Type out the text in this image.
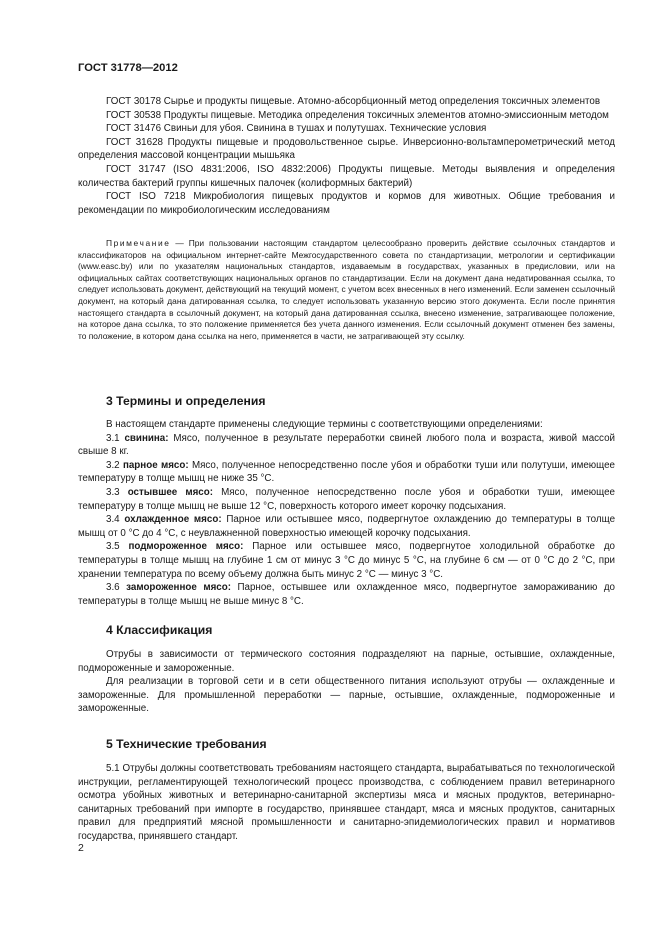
ГОСТ 31778—2012

ГОСТ 30178 Сырье и продукты пищевые. Атомно-абсорбционный метод определения токсичных элементов

ГОСТ 30538 Продукты пищевые. Методика определения токсичных элементов атомно-эмиссионным методом

ГОСТ 31476 Свиньи для убоя. Свинина в тушах и полутушах. Технические условия

ГОСТ 31628 Продукты пищевые и продовольственное сырье. Инверсионно-вольтамперометрический метод определения массовой концентрации мышьяка

ГОСТ 31747 (ISO 4831:2006, ISO 4832:2006) Продукты пищевые. Методы выявления и определения количества бактерий группы кишечных палочек (колиформных бактерий)

ГОСТ ISO 7218 Микробиология пищевых продуктов и кормов для животных. Общие требования и рекомендации по микробиологическим исследованиям

Примечание — При пользовании настоящим стандартом целесообразно проверить действие ссылочных стандартов и классификаторов на официальном интернет-сайте Межгосударственного совета по стандартизации, метрологии и сертификации (www.easc.by) или по указателям национальных стандартов, издаваемым в государствах, указанных в предисловии, или на официальных сайтах соответствующих национальных органов по стандартизации. Если на документ дана недатированная ссылка, то следует использовать документ, действующий на текущий момент, с учетом всех внесенных в него изменений. Если заменен ссылочный документ, на который дана датированная ссылка, то следует использовать указанную версию этого документа. Если после принятия настоящего стандарта в ссылочный документ, на который дана датированная ссылка, внесено изменение, затрагивающее положение, на которое дана ссылка, то это положение применяется без учета данного изменения. Если ссылочный документ отменен без замены, то положение, в котором дана ссылка на него, применяется в части, не затрагивающей эту ссылку.

3 Термины и определения

В настоящем стандарте применены следующие термины с соответствующими определениями:

3.1 свинина: Мясо, полученное в результате переработки свиней любого пола и возраста, живой массой свыше 8 кг.

3.2 парное мясо: Мясо, полученное непосредственно после убоя и обработки туши или полутуши, имеющее температуру в толще мышц не ниже 35 °С.

3.3 остывшее мясо: Мясо, полученное непосредственно после убоя и обработки туши, имеющее температуру в толще мышц не выше 12 °С, поверхность которого имеет корочку подсыхания.

3.4 охлажденное мясо: Парное или остывшее мясо, подвергнутое охлаждению до температуры в толще мышц от 0 °С до 4 °С, с неувлажненной поверхностью имеющей корочку подсыхания.

3.5 подмороженное мясо: Парное или остывшее мясо, подвергнутое холодильной обработке до температуры в толще мышц на глубине 1 см от минус 3 °С до минус 5 °С, на глубине 6 см — от 0 °С до 2 °С, при хранении температура по всему объему должна быть минус 2 °С — минус 3 °С.

3.6 замороженное мясо: Парное, остывшее или охлажденное мясо, подвергнутое замораживанию до температуры в толще мышц не выше минус 8 °С.

4 Классификация

Отрубы в зависимости от термического состояния подразделяют на парные, остывшие, охлажденные, подмороженные и замороженные.

Для реализации в торговой сети и в сети общественного питания используют отрубы — охлажденные и замороженные. Для промышленной переработки — парные, остывшие, охлажденные, подмороженные и замороженные.

5 Технические требования

5.1 Отрубы должны соответствовать требованиям настоящего стандарта, вырабатываться по технологической инструкции, регламентирующей технологический процесс производства, с соблюдением правил ветеринарного осмотра убойных животных и ветеринарно-санитарной экспертизы мяса и мясных продуктов, ветеринарно-санитарных требований при импорте в государство, принявшее стандарт, мяса и мясных продуктов, санитарных правил для предприятий мясной промышленности и санитарно-эпидемиологических правил и нормативов государства, принявшего стандарт.

2
